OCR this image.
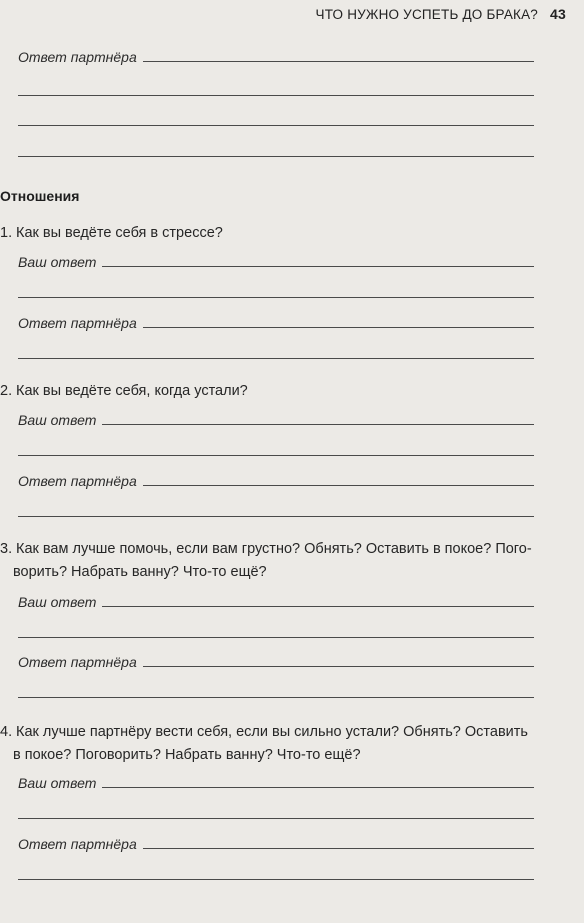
ЧТО НУЖНО УСПЕТЬ ДО БРАКА? 43
Ответ партнёра
Отношения
1. Как вы ведёте себя в стрессе?
Ваш ответ
Ответ партнёра
2. Как вы ведёте себя, когда устали?
Ваш ответ
Ответ партнёра
3. Как вам лучше помочь, если вам грустно? Обнять? Оставить в покое? Пого-
ворить? Набрать ванну? Что-то ещё?
Ваш ответ
Ответ партнёра
4. Как лучше партнёру вести себя, если вы сильно устали? Обнять? Оставить
в покое? Поговорить? Набрать ванну? Что-то ещё?
Ваш ответ
Ответ партнёра
